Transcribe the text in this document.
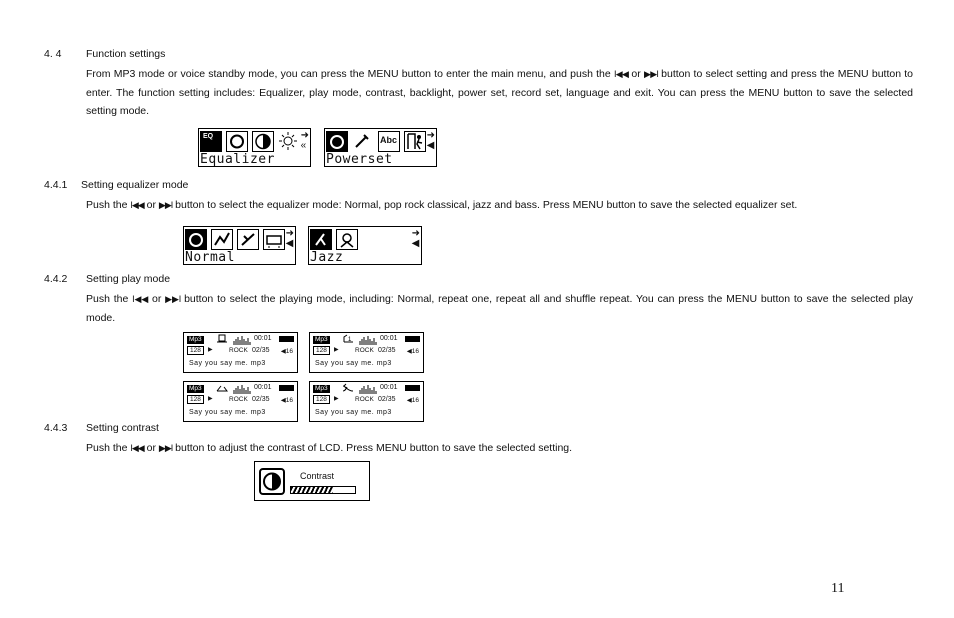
4. 4 Function settings
From MP3 mode or voice standby mode, you can press the MENU button to enter the main menu, and push the I◀◀ or ▶▶I button to select setting and press the MENU button to enter. The function setting includes: Equalizer, play mode, contrast, backlight, power set, record set, language and exit. You can press the MENU button to save the selected setting mode.
EQ	➜
«
Equalizer
Abc	➜
◀
Powerset
4.4.1 Setting equalizer mode
Push the I◀◀ or ▶▶I button to select the equalizer mode: Normal, pop rock classical, jazz and bass. Press MENU button to save the selected equalizer set.
➜
◀
Normal
➜
◀
Jazz
4.4.2 Setting play mode
Push the I◀◀ or ▶▶I button to select the playing mode, including: Normal, repeat one, repeat all and shuffle repeat. You can press the MENU button to save the selected play mode.
Mp3
128	▶
00:01
ROCK 02/35 ◀16
Say you say me. mp3
Mp3
128	▶
1	00:01
ROCK 02/35 ◀16
Say you say me. mp3
Mp3
128	▶
00:01
ROCK 02/35 ◀16
Say you say me. mp3
Mp3
128	▶
00:01
ROCK 02/35 ◀16
Say you say me. mp3
4.4.3 Setting contrast
Push the I◀◀ or ▶▶I button to adjust the contrast of LCD. Press MENU button to save the selected setting.
Contrast
11
